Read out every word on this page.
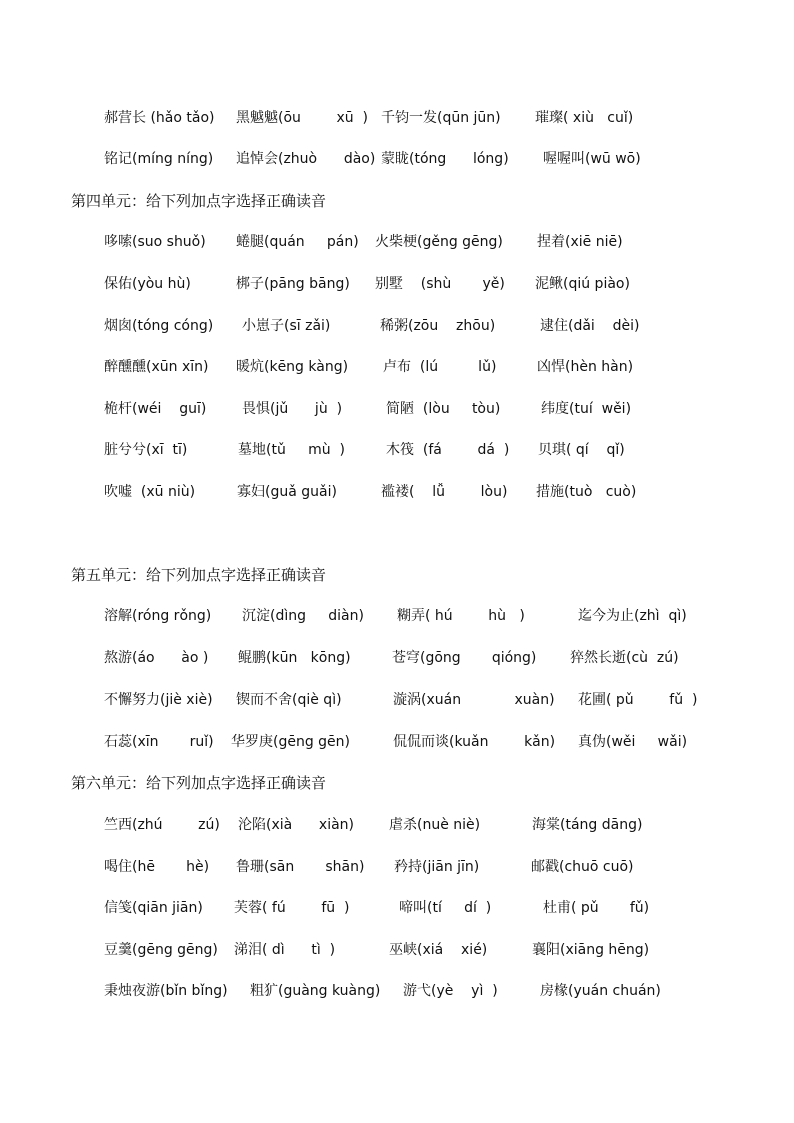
郝营长 (hǎo tǎo) 黑魆魆(ōu        xū  ) 千钧一发(qūn jūn) 璀璨( xiù   cuǐ)
铭记(míng níng) 追悼会(zhuò      dào) 蒙眬(tóng      lóng) 喔喔叫(wū wō)
第四单元：给下列加点字选择正确读音
哆嗦(suo shuǒ) 蜷腿(quán     pán) 火柴梗(gěng gēng) 捏着(xiē niē)
保佑(yòu hù)	梆子(pāng bāng) 别墅    (shù       yě) 泥鳅(qiú piào)
烟囱(tóng cóng) 小崽子(sī zǎi)	稀粥(zōu    zhōu)	逮住(dǎi    dèi)
醉醺醺(xūn xīn) 暖炕(kēng kàng) 卢布  (lú         lǔ)	凶悍(hèn hàn)
桅杆(wéi    guī)	畏惧(jǔ      jù  )	简陋  (lòu     tòu)	纬度(tuí  wěi)
脏兮兮(xī  tī)	墓地(tǔ     mù  )	木筏  (fá        dá  ) 贝琪( qí    qǐ)
吹嘘  (xū niù)	寡妇(guǎ guǎi)	褴褛(    lǚ        lòu) 措施(tuò   cuò)
第五单元：给下列加点字选择正确读音
溶解(róng rǒng) 沉淀(dìng     diàn) 糊弄( hú        hù   )	迄今为止(zhì  qì)
熬游(áo      ào ) 鲲鹏(kūn   kōng)	苍穹(gōng       qióng) 猝然长逝(cù  zú)
不懈努力(jiè xiè) 锲而不舍(qiè qì)	漩涡(xuán            xuàn) 花圃( pǔ        fǔ  )
石蕊(xīn       ruǐ) 华罗庚(gēng gēn)	侃侃而谈(kuǎn        kǎn) 真伪(wěi     wǎi)
第六单元：给下列加点字选择正确读音
竺西(zhú        zú) 沦陷(xià      xiàn) 虐杀(nuè niè)	海棠(táng dāng)
喝住(hē       hè) 鲁珊(sān       shān) 矜持(jiān jīn)	邮戳(chuō cuō)
信笺(qiān jiān) 芙蓉( fú        fū  )	啼叫(tí     dí  )	杜甫( pǔ       fǔ)
豆羹(gēng gēng) 涕泪( dì      tì  )	巫峡(xiá    xié)	襄阳(xiāng hēng)
秉烛夜游(bǐn bǐng) 粗犷(guàng kuàng) 游弋(yè    yì  )	房椽(yuán chuán)
